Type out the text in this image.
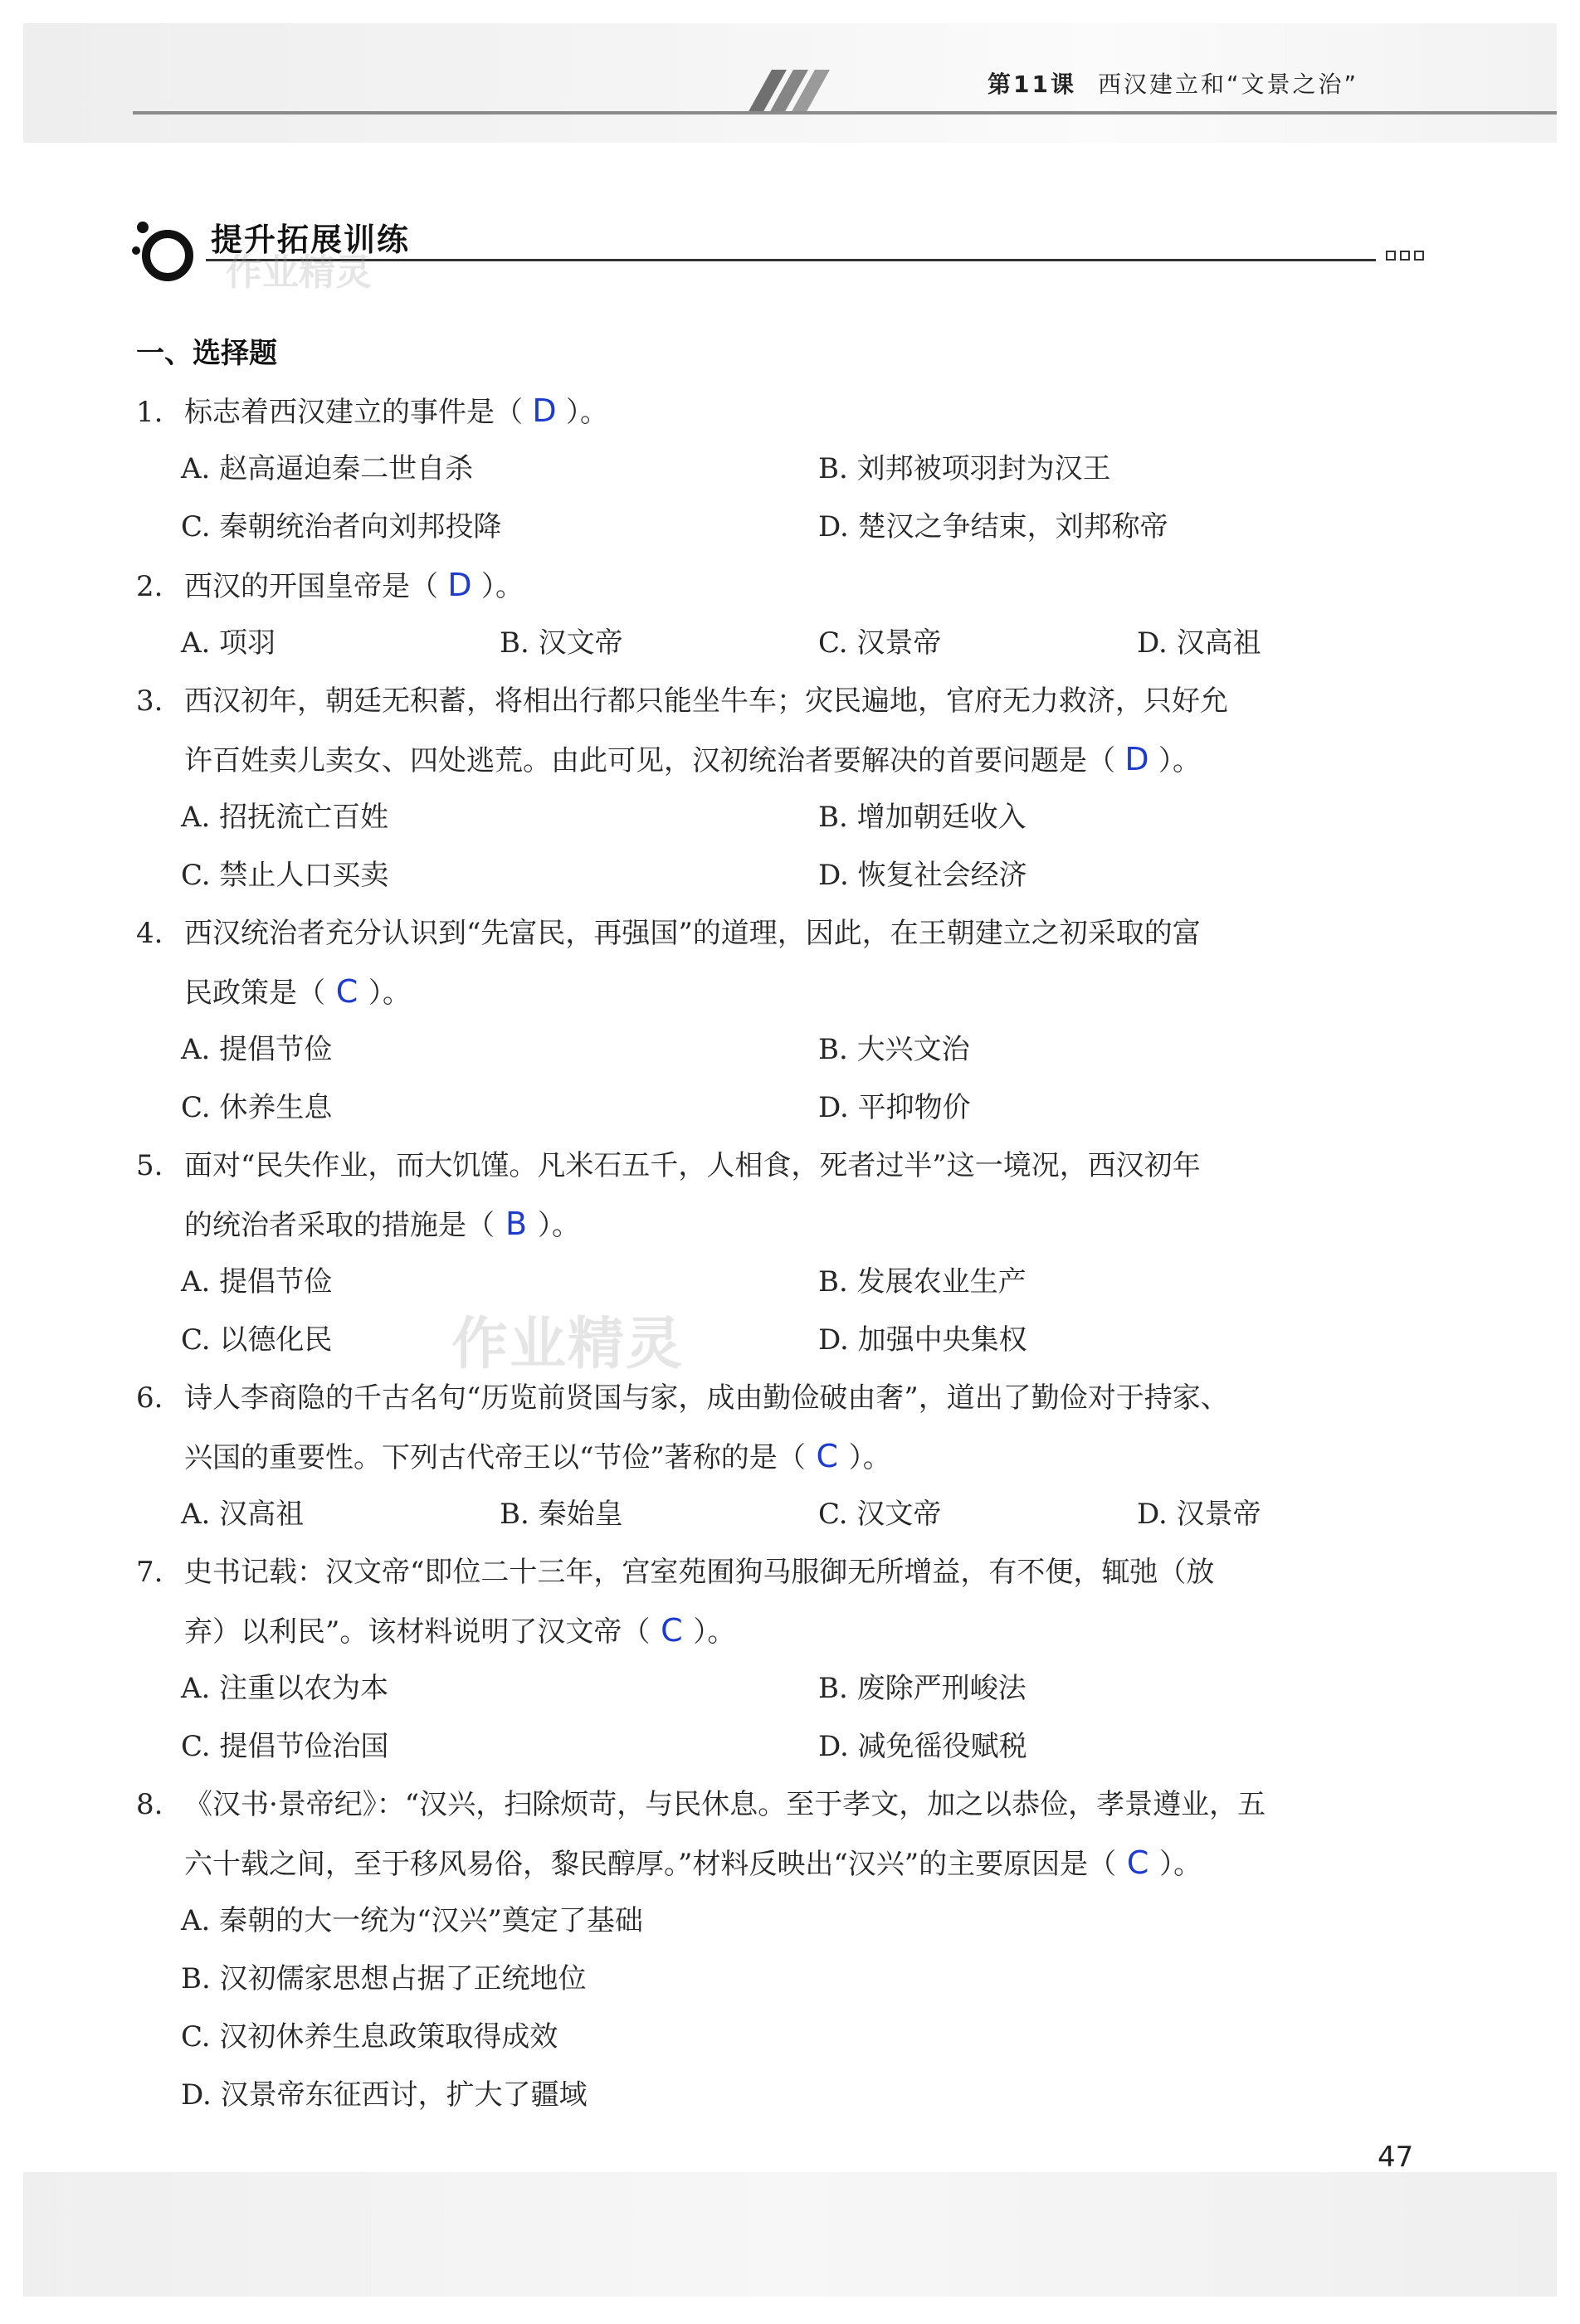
第11课 西汉建立和“文景之治”
提升拓展训练
作业精灵
一、选择题
1. 标志着西汉建立的事件是（ D ）。
A. 赵高逼迫秦二世自杀	B. 刘邦被项羽封为汉王
C. 秦朝统治者向刘邦投降	D. 楚汉之争结束，刘邦称帝
2. 西汉的开国皇帝是（ D ）。
A. 项羽	B. 汉文帝	C. 汉景帝	D. 汉高祖
3. 西汉初年，朝廷无积蓄，将相出行都只能坐牛车；灾民遍地，官府无力救济，只好允
许百姓卖儿卖女、四处逃荒。由此可见，汉初统治者要解决的首要问题是（ D ）。
A. 招抚流亡百姓	B. 增加朝廷收入
C. 禁止人口买卖	D. 恢复社会经济
4. 西汉统治者充分认识到“先富民，再强国”的道理，因此，在王朝建立之初采取的富
民政策是（ C ）。
A. 提倡节俭	B. 大兴文治
C. 休养生息	D. 平抑物价
5. 面对“民失作业，而大饥馑。凡米石五千，人相食，死者过半”这一境况，西汉初年
的统治者采取的措施是（ B ）。
A. 提倡节俭	B. 发展农业生产
C. 以德化民	D. 加强中央集权
6. 诗人李商隐的千古名句“历览前贤国与家，成由勤俭破由奢”，道出了勤俭对于持家、
兴国的重要性。下列古代帝王以“节俭”著称的是（ C ）。
A. 汉高祖	B. 秦始皇	C. 汉文帝	D. 汉景帝
7. 史书记载：汉文帝“即位二十三年，宫室苑囿狗马服御无所增益，有不便，辄弛（放
弃）以利民”。该材料说明了汉文帝（ C ）。
A. 注重以农为本	B. 废除严刑峻法
C. 提倡节俭治国	D. 减免徭役赋税
8. 《汉书·景帝纪》：“汉兴，扫除烦苛，与民休息。至于孝文，加之以恭俭，孝景遵业，五
六十载之间，至于移风易俗，黎民醇厚。”材料反映出“汉兴”的主要原因是（ C ）。
A. 秦朝的大一统为“汉兴”奠定了基础
B. 汉初儒家思想占据了正统地位
C. 汉初休养生息政策取得成效
D. 汉景帝东征西讨，扩大了疆域
作业精灵
47
